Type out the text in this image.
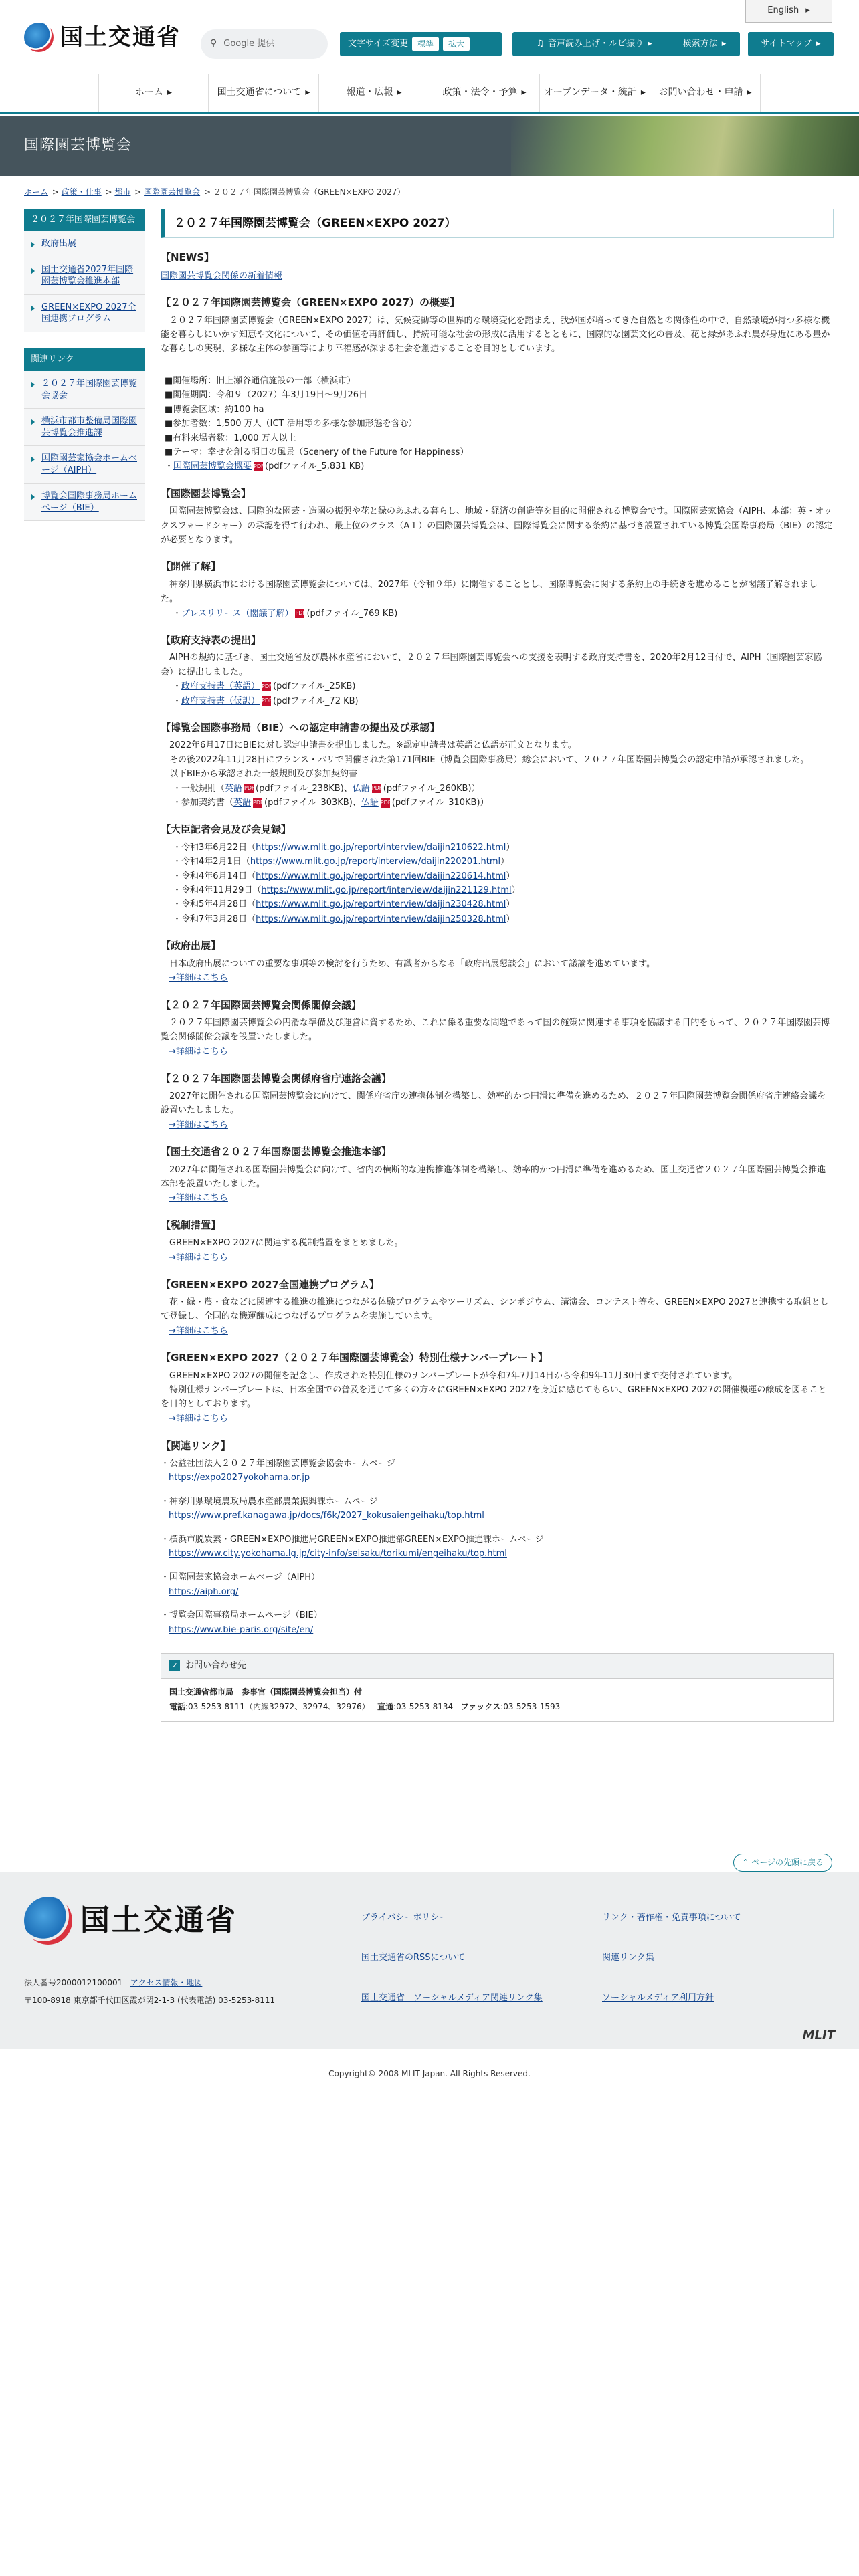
国土交通省
English ▸
⚲ Google 提供	文字サイズ変更	標準	拡大	♫ 音声読み上げ・ルビ振り ▸	検索方法 ▸	サイトマップ ▸
ホーム ▸	国土交通省について ▸	報道・広報 ▸	政策・法令・予算 ▸ オープンデータ・統計 ▸ お問い合わせ・申請 ▸
国際園芸博覧会
ホーム > 政策・仕事 > 都市 > 国際園芸博覧会 > ２０２７年国際園芸博覧会（GREEN×EXPO 2027）
２０２７年国際園芸博覧会
政府出展
国土交通省2027年国際園芸博覧会推進本部
GREEN×EXPO 2027全国連携プログラム
関連リンク
２０２７年国際園芸博覧会協会
横浜市都市整備局国際園芸博覧会推進課
国際園芸家協会ホームページ（AIPH）
博覧会国際事務局ホームページ（BIE）
２０２７年国際園芸博覧会（GREEN×EXPO 2027）
【NEWS】
国際園芸博覧会関係の新着情報
【２０２７年国際園芸博覧会（GREEN×EXPO 2027）の概要】
２０２７年国際園芸博覧会（GREEN×EXPO 2027）は、気候変動等の世界的な環境変化を踏まえ、我が国が培ってきた自然との関係性の中で、自然環境が持つ多様な機能を暮らしにいかす知恵や文化について、その価値を再評価し、持続可能な社会の形成に活用するとともに、国際的な園芸文化の普及、花と緑があふれ農が身近にある豊かな暮らしの実現、多様な主体の参画等により幸福感が深まる社会を創造することを目的としています。
■開催場所：旧上瀬谷通信施設の一部（横浜市）
■開催期間：令和９（2027）年3月19日～9月26日
■博覧会区域：約100 ha
■参加者数：1,500 万人（ICT 活用等の多様な参加形態を含む）
■有料来場者数：1,000 万人以上
■テーマ：幸せを創る明日の風景（Scenery of the Future for Happiness）
・国際園芸博覧会概要 PDF(pdfファイル_5,831 KB)
【国際園芸博覧会】
国際園芸博覧会は、国際的な園芸・造園の振興や花と緑のあふれる暮らし、地域・経済の創造等を目的に開催される博覧会です。国際園芸家協会（AIPH、本部：英・オックスフォードシャー）の承認を得て行われ、最上位のクラス（A１）の国際園芸博覧会は、国際博覧会に関する条約に基づき設置されている博覧会国際事務局（BIE）の認定が必要となります。
【開催了解】
神奈川県横浜市における国際園芸博覧会については、2027年（令和９年）に開催することとし、国際博覧会に関する条約上の手続きを進めることが閣議了解されました。
・プレスリリース（閣議了解） PDF(pdfファイル_769 KB)
【政府支持表の提出】
AIPHの規約に基づき、国土交通省及び農林水産省において、２０２７年国際園芸博覧会への支援を表明する政府支持書を、2020年2月12日付で、AIPH（国際園芸家協会）に提出しました。
・政府支持書（英語） PDF(pdfファイル_25KB)
・政府支持書（仮訳） PDF(pdfファイル_72 KB)
【博覧会国際事務局（BIE）への認定申請書の提出及び承認】
2022年6月17日にBIEに対し認定申請書を提出しました。※認定申請書は英語と仏語が正文となります。
その後2022年11月28日にフランス・パリで開催された第171回BIE（博覧会国際事務局）総会において、２０２７年国際園芸博覧会の認定申請が承認されました。
以下BIEから承認された一般規則及び参加契約書
・一般規則（英語 PDF(pdfファイル_238KB)、仏語 PDF(pdfファイル_260KB)）
・参加契約書（英語 PDF(pdfファイル_303KB)、仏語 PDF(pdfファイル_310KB)）
【大臣記者会見及び会見録】
・令和3年6月22日（https://www.mlit.go.jp/report/interview/daijin210622.html）
・令和4年2月1日（https://www.mlit.go.jp/report/interview/daijin220201.html）
・令和4年6月14日（https://www.mlit.go.jp/report/interview/daijin220614.html）
・令和4年11月29日（https://www.mlit.go.jp/report/interview/daijin221129.html）
・令和5年4月28日（https://www.mlit.go.jp/report/interview/daijin230428.html）
・令和7年3月28日（https://www.mlit.go.jp/report/interview/daijin250328.html）
【政府出展】
日本政府出展についての重要な事項等の検討を行うため、有識者からなる「政府出展懇談会」において議論を進めています。
→詳細はこちら
【２０２７年国際園芸博覧会関係閣僚会議】
２０２７年国際園芸博覧会の円滑な準備及び運営に資するため、これに係る重要な問題であって国の施策に関連する事項を協議する目的をもって、２０２７年国際園芸博覧会関係閣僚会議を設置いたしました。
→詳細はこちら
【２０２７年国際園芸博覧会関係府省庁連絡会議】
2027年に開催される国際園芸博覧会に向けて、関係府省庁の連携体制を構築し、効率的かつ円滑に準備を進めるため、２０２７年国際園芸博覧会関係府省庁連絡会議を設置いたしました。
→詳細はこちら
【国土交通省２０２７年国際園芸博覧会推進本部】
2027年に開催される国際園芸博覧会に向けて、省内の横断的な連携推進体制を構築し、効率的かつ円滑に準備を進めるため、国土交通省２０２７年国際園芸博覧会推進本部を設置いたしました。
→詳細はこちら
【税制措置】
GREEN×EXPO 2027に関連する税制措置をまとめました。
→詳細はこちら
【GREEN×EXPO 2027全国連携プログラム】
花・緑・農・食などに関連する推進の推進につながる体験プログラムやツーリズム、シンポジウム、講演会、コンテスト等を、GREEN×EXPO 2027と連携する取組として登録し、全国的な機運醸成につなげるプログラムを実施しています。
→詳細はこちら
【GREEN×EXPO 2027（２０２７年国際園芸博覧会）特別仕様ナンバープレート】
GREEN×EXPO 2027の開催を記念し、作成された特別仕様のナンバープレートが令和7年7月14日から令和9年11月30日まで交付されています。
特別仕様ナンバープレートは、日本全国での普及を通じて多くの方々にGREEN×EXPO 2027を身近に感じてもらい、GREEN×EXPO 2027の開催機運の醸成を図ることを目的としております。
→詳細はこちら
【関連リンク】
・公益社団法人２０２７年国際園芸博覧会協会ホームページ
https://expo2027yokohama.or.jp
・神奈川県環境農政局農水産部農業振興課ホームページ
https://www.pref.kanagawa.jp/docs/f6k/2027_kokusaiengeihaku/top.html
・横浜市脱炭素・GREEN×EXPO推進局GREEN×EXPO推進部GREEN×EXPO推進課ホームページ
https://www.city.yokohama.lg.jp/city-info/seisaku/torikumi/engeihaku/top.html
・国際園芸家協会ホームページ（AIPH）
https://aiph.org/
・博覧会国際事務局ホームページ（BIE）
https://www.bie-paris.org/site/en/
✓ お問い合わせ先
国土交通省都市局　参事官（国際園芸博覧会担当）付
電話:03-5253-8111（内線32972、32974、32976） 直通:03-5253-8134 ファックス:03-5253-1593
⌃ ページの先頭に戻る
国土交通省
法人番号2000012100001 アクセス情報・地図
〒100-8918 東京都千代田区霞が関2-1-3 (代表電話) 03-5253-8111
プライバシーポリシー	リンク・著作権・免責事項について
国土交通省のRSSについて	関連リンク集
国土交通省　ソーシャルメディア関連リンク集	ソーシャルメディア利用方針
MLIT
Copyright© 2008 MLIT Japan. All Rights Reserved.
